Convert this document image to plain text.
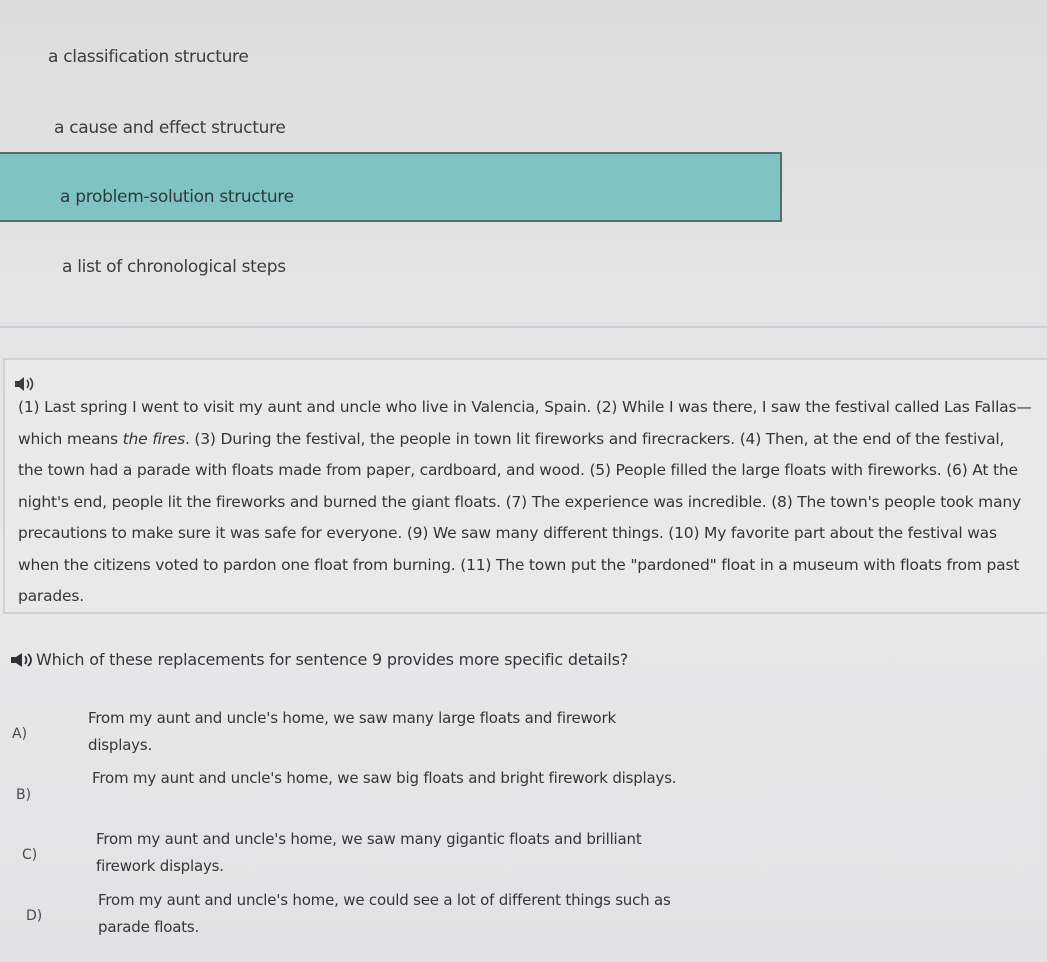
a classification structure
a cause and effect structure
a problem-solution structure
a list of chronological steps
(1) Last spring I went to visit my aunt and uncle who live in Valencia, Spain. (2) While I was there, I saw the festival called Las Fallas—which means the fires. (3) During the festival, the people in town lit fireworks and firecrackers. (4) Then, at the end of the festival, the town had a parade with floats made from paper, cardboard, and wood. (5) People filled the large floats with fireworks. (6) At the night's end, people lit the fireworks and burned the giant floats. (7) The experience was incredible. (8) The town's people took many precautions to make sure it was safe for everyone. (9) We saw many different things. (10) My favorite part about the festival was when the citizens voted to pardon one float from burning. (11) The town put the "pardoned" float in a museum with floats from past parades.
Which of these replacements for sentence 9 provides more specific details?
A)
From my aunt and uncle's home, we saw many large floats and firework displays.
B)
From my aunt and uncle's home, we saw big floats and bright firework displays.
C)
From my aunt and uncle's home, we saw many gigantic floats and brilliant firework displays.
D)
From my aunt and uncle's home, we could see a lot of different things such as parade floats.
